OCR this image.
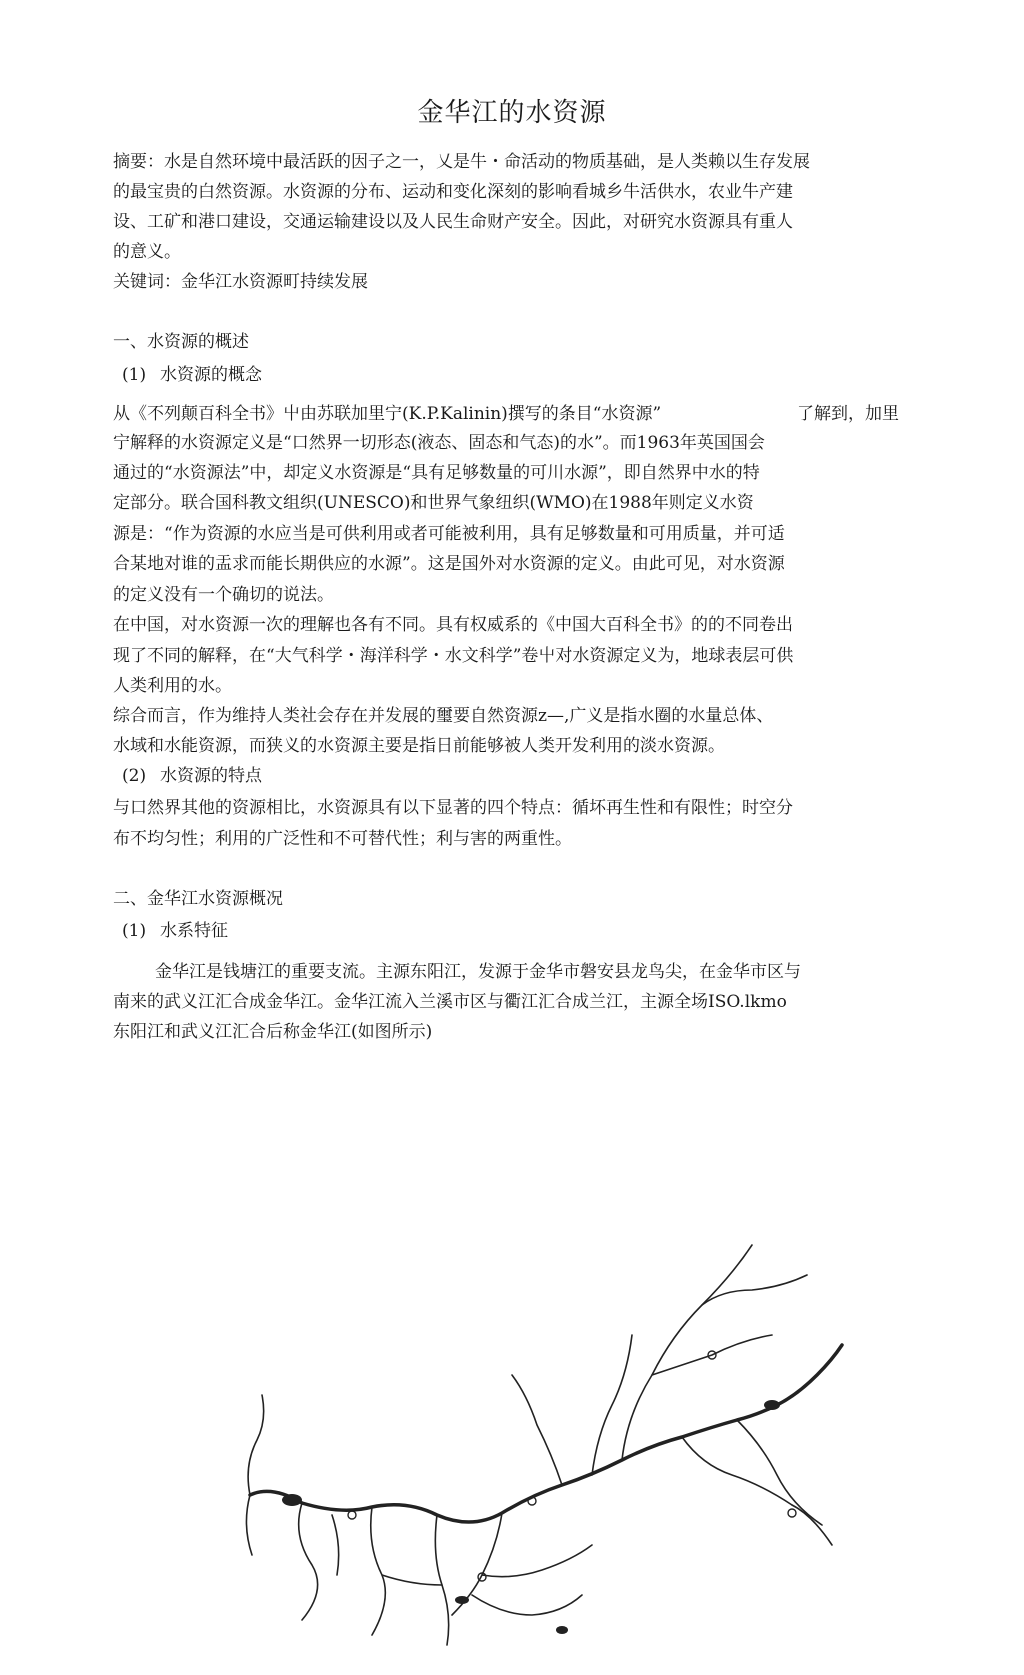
金华江的水资源
摘要：水是自然环境中最活跃的因子之一，乂是牛・命活动的物质基础，是人类赖以生存发展
的最宝贵的白然资源。水资源的分布、运动和变化深刻的影响看城乡牛活供水，农业牛产建
设、工矿和港口建设，交通运输建设以及人民生命财产安全。因此，对研究水资源具有重人
的意义。
关键词：金华江水资源町持续发展
一、水资源的概述
(1) 水资源的概念
从《不列颠百科全书》屮由苏联加里宁(K.P.Kalinin)撰写的条目“水资源”	了解到，加里
宁解释的水资源定义是“口然界一切形态(液态、固态和气态)的水”。而1963年英国国会
通过的“水资源法”中，却定义水资源是“具有足够数量的可川水源”，即自然界中水的特
定部分。联合国科教文组织(UNESCO)和世界气象纽织(WMO)在1988年则定义水资
源是：“作为资源的水应当是可供利用或者可能被利用，具有足够数量和可用质量，并可适
合某地对谁的盂求而能长期供应的水源”。这是国外对水资源的定义。由此可见，对水资源
的定义没有一个确切的说法。
在中国，对水资源一次的理解也各有不同。具有权威系的《中国大百科全书》的的不同卷出
现了不同的解释，在“大气科学・海洋科学・水文科学”卷屮对水资源定义为，地球表层可供
人类利用的水。
综合而言，作为维持人类社会存在并发展的璽要自然资源z—,广义是指水圈的水量总体、
水域和水能资源，而狭义的水资源主要是指日前能够被人类开发利用的淡水资源。
(2) 水资源的特点
与口然界其他的资源相比，水资源具有以下显著的四个特点：循坏再生性和有限性；时空分
布不均匀性；利用的广泛性和不可替代性；利与害的两重性。
二、金华江水资源概况
(1) 水系特征
金华江是钱塘江的重要支流。主源东阳江，发源于金华市磐安县龙鸟尖，在金华市区与
南来的武义江汇合成金华江。金华江流入兰溪市区与衢江汇合成兰江，主源全场ISO.lkmo
东阳江和武义江汇合后称金华江(如图所示)
